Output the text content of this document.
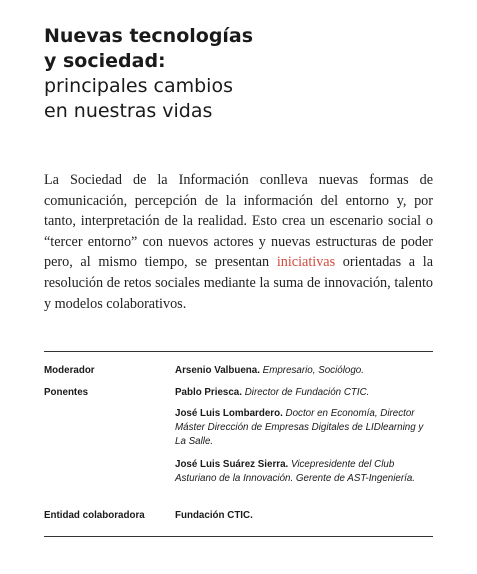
Nuevas tecnologías
y sociedad:
principales cambios
en nuestras vidas

La Sociedad de la Información conlleva nuevas formas de comunicación, percepción de la información del entorno y, por tanto, interpretación de la realidad. Esto crea un escenario social o “tercer entorno” con nuevos actores y nuevas estructuras de poder pero, al mismo tiempo, se presentan iniciativas orientadas a la resolución de retos sociales mediante la suma de innovación, talento y modelos colaborativos.

Moderador	Arsenio Valbuena. Empresario, Sociólogo.
Ponentes	Pablo Priesca. Director de Fundación CTIC.
José Luis Lombardero. Doctor en Economía, Director Máster Dirección de Empresas Digitales de LIDlearning y La Salle.
José Luis Suárez Sierra. Vicepresidente del Club Asturiano de la Innovación. Gerente de AST-Ingeniería.
Entidad colaboradora	Fundación CTIC.
